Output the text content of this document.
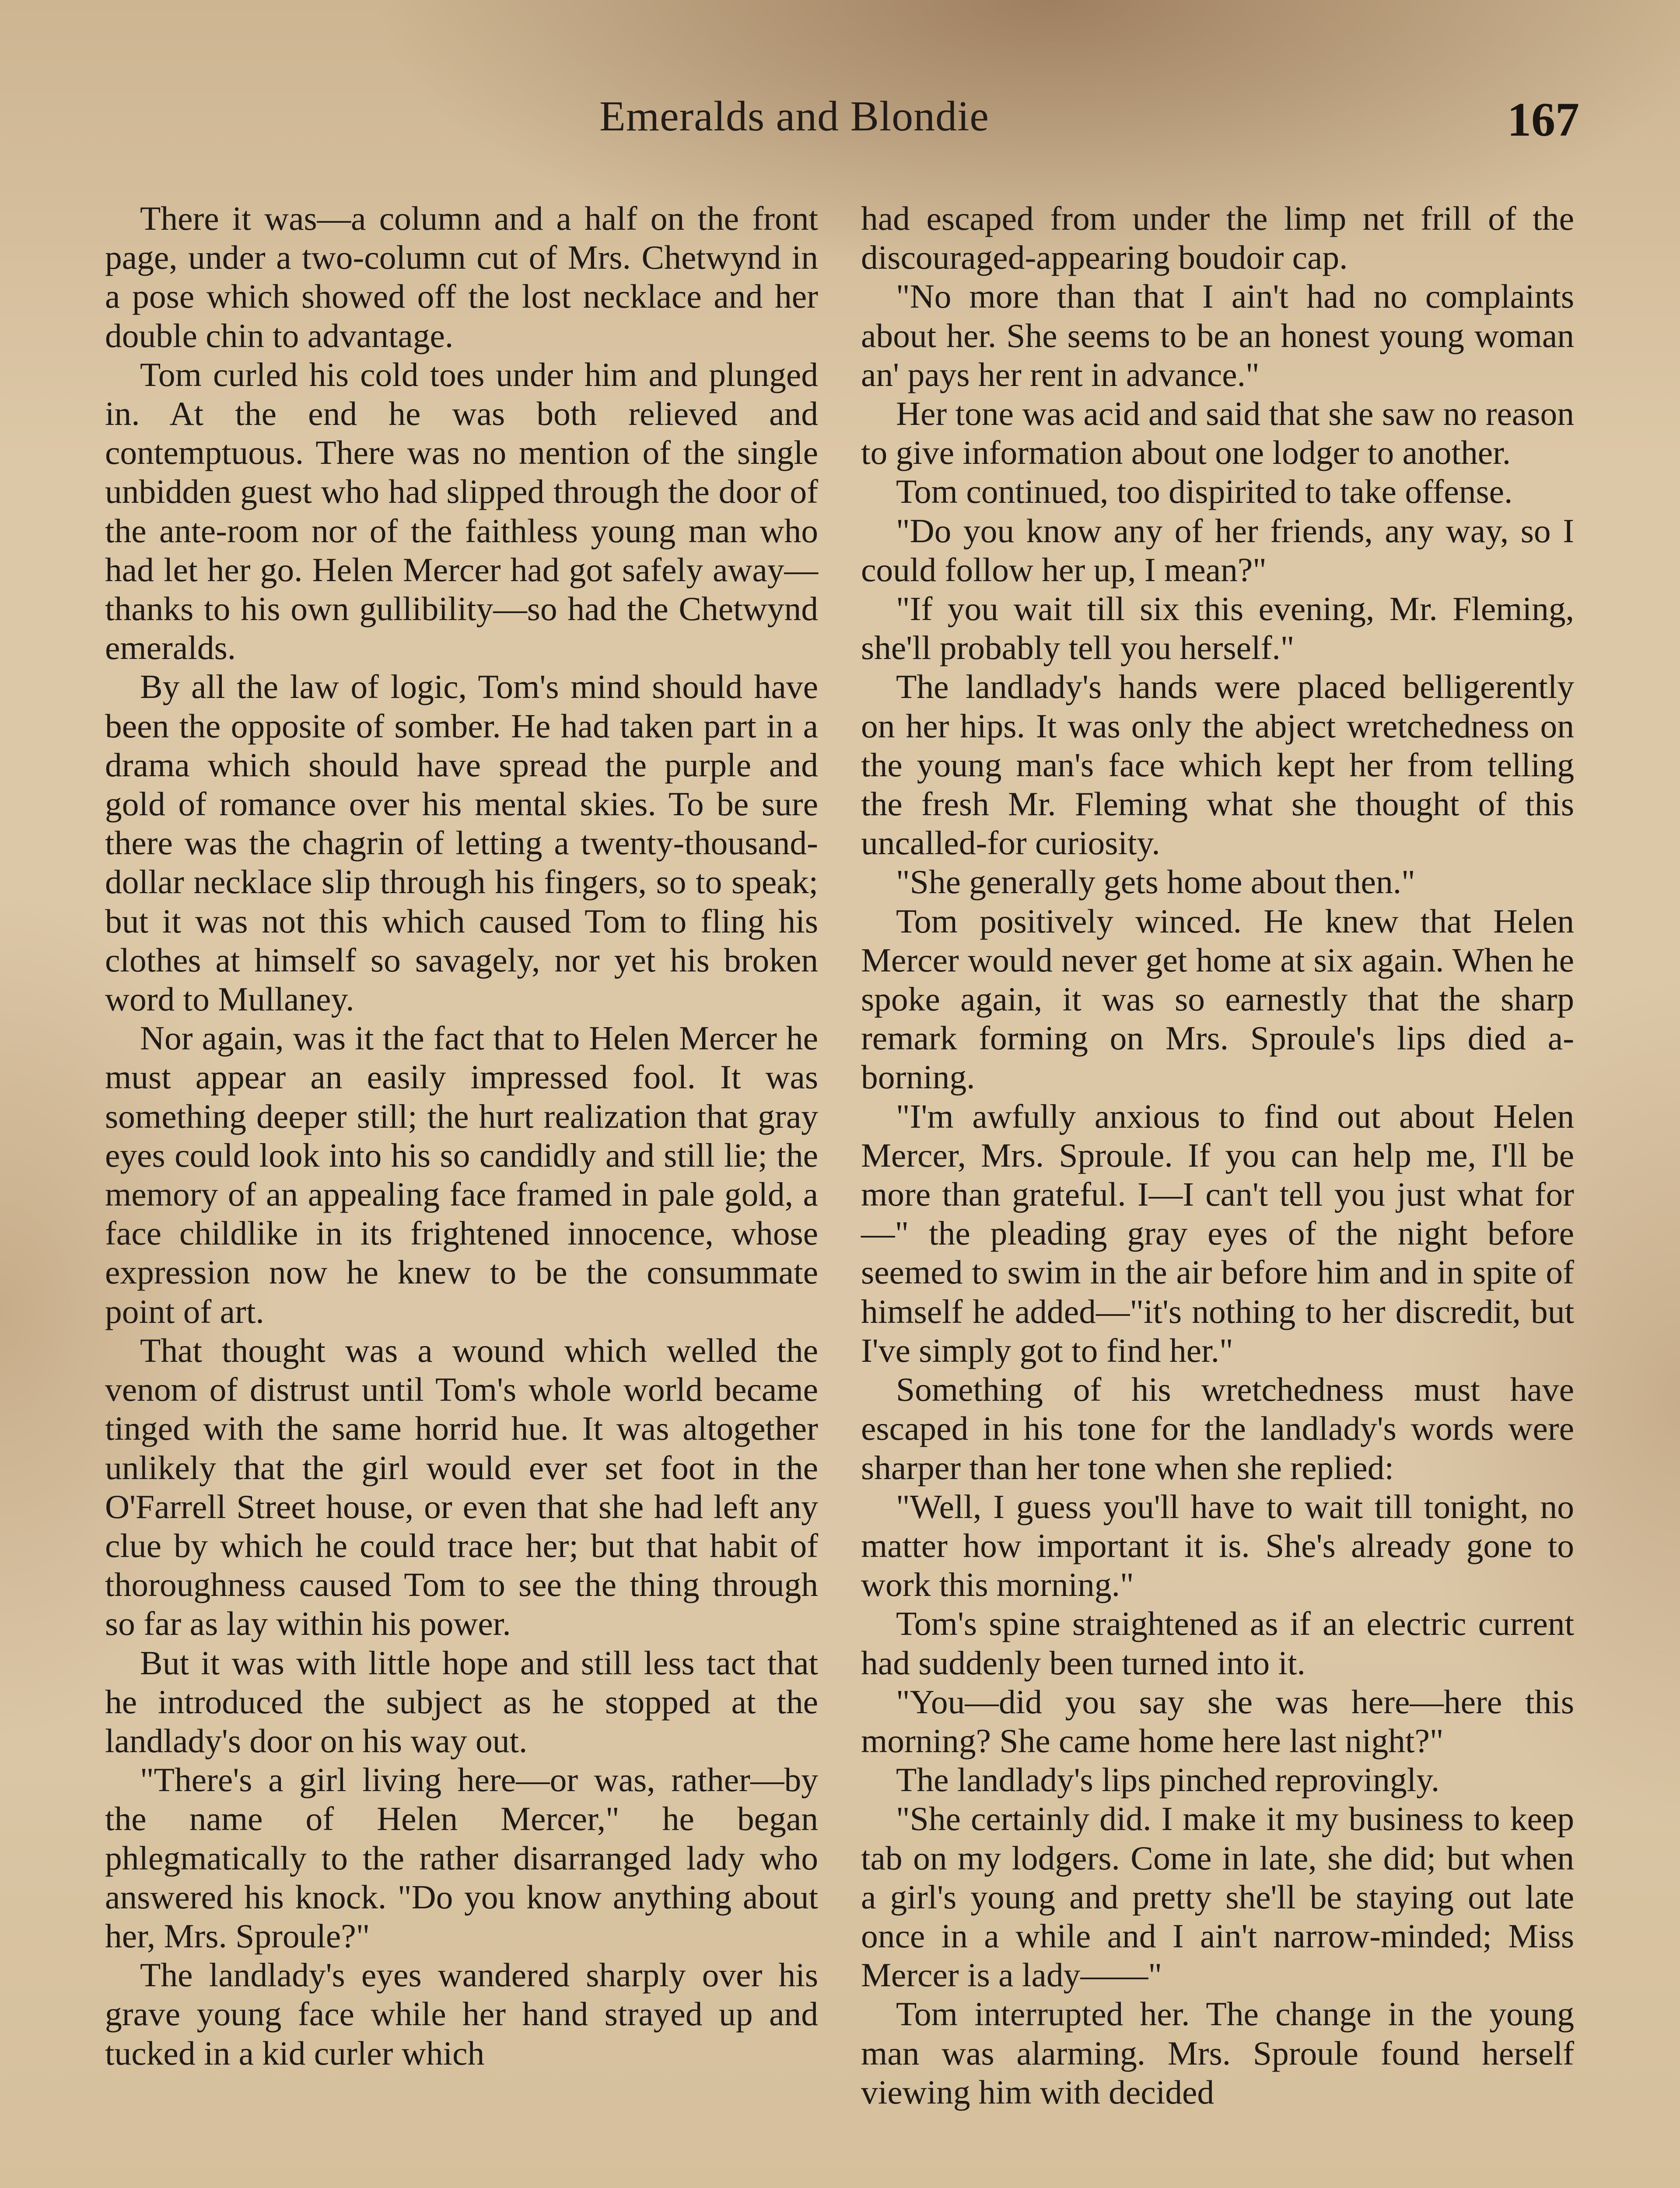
Emeralds and Blondie	167

There it was—a column and a half on the front page, under a two-column cut of Mrs. Chetwynd in a pose which showed off the lost necklace and her double chin to advantage.

Tom curled his cold toes under him and plunged in. At the end he was both relieved and contemptuous. There was no mention of the single unbidden guest who had slipped through the door of the ante-room nor of the faithless young man who had let her go. Helen Mercer had got safely away—thanks to his own gullibility—so had the Chetwynd emeralds.

By all the law of logic, Tom's mind should have been the opposite of somber. He had taken part in a drama which should have spread the purple and gold of romance over his mental skies. To be sure there was the chagrin of letting a twenty-thousand-dollar necklace slip through his fingers, so to speak; but it was not this which caused Tom to fling his clothes at himself so savagely, nor yet his broken word to Mullaney.

Nor again, was it the fact that to Helen Mercer he must appear an easily impressed fool. It was something deeper still; the hurt realization that gray eyes could look into his so candidly and still lie; the memory of an appealing face framed in pale gold, a face childlike in its frightened innocence, whose expression now he knew to be the consummate point of art.

That thought was a wound which welled the venom of distrust until Tom's whole world became tinged with the same horrid hue. It was altogether unlikely that the girl would ever set foot in the O'Farrell Street house, or even that she had left any clue by which he could trace her; but that habit of thoroughness caused Tom to see the thing through so far as lay within his power.

But it was with little hope and still less tact that he introduced the subject as he stopped at the landlady's door on his way out.

"There's a girl living here—or was, rather—by the name of Helen Mercer," he began phlegmatically to the rather disarranged lady who answered his knock. "Do you know anything about her, Mrs. Sproule?"

The landlady's eyes wandered sharply over his grave young face while her hand strayed up and tucked in a kid curler which

had escaped from under the limp net frill of the discouraged-appearing boudoir cap.

"No more than that I ain't had no complaints about her. She seems to be an honest young woman an' pays her rent in advance."

Her tone was acid and said that she saw no reason to give information about one lodger to another.

Tom continued, too dispirited to take offense.

"Do you know any of her friends, any way, so I could follow her up, I mean?"

"If you wait till six this evening, Mr. Fleming, she'll probably tell you herself."

The landlady's hands were placed belligerently on her hips. It was only the abject wretchedness on the young man's face which kept her from telling the fresh Mr. Fleming what she thought of this uncalled-for curiosity.

"She generally gets home about then."

Tom positively winced. He knew that Helen Mercer would never get home at six again. When he spoke again, it was so earnestly that the sharp remark forming on Mrs. Sproule's lips died a-borning.

"I'm awfully anxious to find out about Helen Mercer, Mrs. Sproule. If you can help me, I'll be more than grateful. I—I can't tell you just what for—" the pleading gray eyes of the night before seemed to swim in the air before him and in spite of himself he added—"it's nothing to her discredit, but I've simply got to find her."

Something of his wretchedness must have escaped in his tone for the landlady's words were sharper than her tone when she replied:

"Well, I guess you'll have to wait till tonight, no matter how important it is. She's already gone to work this morning."

Tom's spine straightened as if an electric current had suddenly been turned into it.

"You—did you say she was here—here this morning? She came home here last night?"

The landlady's lips pinched reprovingly.

"She certainly did. I make it my business to keep tab on my lodgers. Come in late, she did; but when a girl's young and pretty she'll be staying out late once in a while and I ain't narrow-minded; Miss Mercer is a lady——"

Tom interrupted her. The change in the young man was alarming. Mrs. Sproule found herself viewing him with decided
